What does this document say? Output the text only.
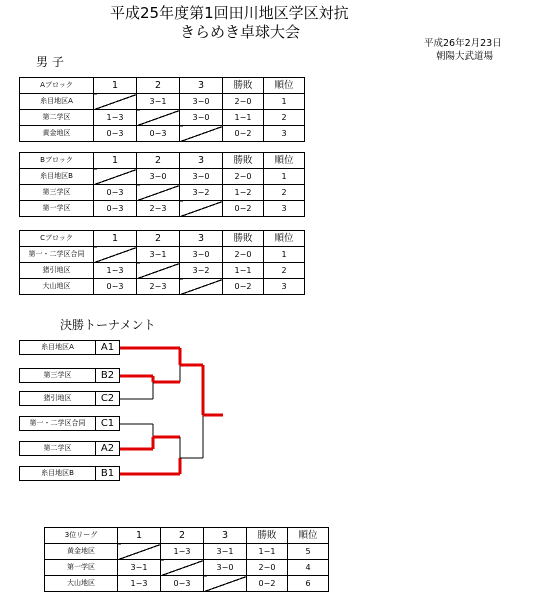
平成25年度第1回田川地区学区対抗
きらめき卓球大会
平成26年2月23日
朝陽大武道場
男 子
Aブロック	1	2	3	勝敗	順位
糸目地区A		3−1	3−0	2−0	1
第二学区	1−3		3−0	1−1	2
黄金地区	0−3	0−3		0−2	3
Bブロック	1	2	3	勝敗	順位
糸目地区B		3−0	3−0	2−0	1
第三学区	0−3		3−2	1−2	2
第一学区	0−3	2−3		0−2	3
Cブロック	1	2	3	勝敗	順位
第一・二学区合同		3−1	3−0	2−0	1
猪引地区	1−3		3−2	1−1	2
大山地区	0−3	2−3		0−2	3
決勝トーナメント
糸目地区A	A1
第三学区	B2
猪引地区	C2
第一・二学区合同	C1
第二学区	A2
糸目地区B	B1
3位リーグ	1	2	3	勝敗	順位
黄金地区		1−3	3−1	1−1	5
第一学区	3−1		3−0	2−0	4
大山地区	1−3	0−3		0−2	6
